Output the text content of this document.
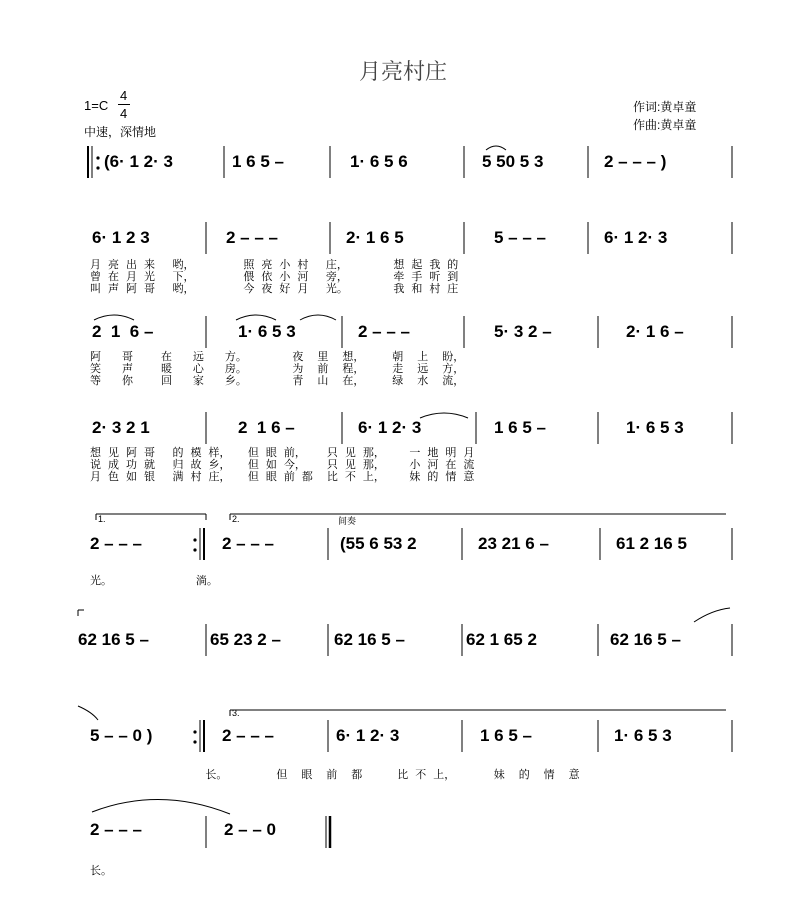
月亮村庄
1=C
4
4
中速，深情地
作词:黄卓童
作曲:黄卓童
(6· 1 2· 3	1 6 5 –	1· 6 5 6	5 50 5 3	2 – – – )
6· 1 2 3	2 – – –	2· 1 6 5	5 – – –	6· 1 2· 3
月  亮  出  来     哟，              照  亮  小  村     庄，             想  起  我  的
曾  在  月  光     下，              偎  依  小  河     旁，             牵  手  听  到
叫  声  阿  哥     哟，              今  夜  好  月     光。             我  和  村  庄
2  1  6 –	1· 6 5 3	2 – – –	5· 3 2 –	2· 1 6 –
阿      哥        在      远      方。             夜    里    想，        朝    上    盼，
笑      声        暖      心      房。             为    前    程，        走    远    方，
等      你        回      家      乡。             青    山    在，        绿    水    流，
2· 3 2 1	2  1 6 –	6· 1 2· 3	1 6 5 –	1· 6 5 3
想  见  阿  哥     的  模  样，     但  眼  前，      只  见  那，       一  地  明  月
说  成  功  就     归  故  乡，     但  如  今，      只  见  那，       小  河  在  流
月  色  如  银     满  村  庄，     但  眼  前  都    比  不  上，       妹  的  情  意
1.	2.	间奏
2 – – –	2 – – –	(55 6 53 2	23 21 6 –	61 2 16 5
光。                        淌。
62 16 5 –	65 23 2 –	62 16 5 –	62 1 65 2	62 16 5 –
3.
5 – – 0 )	2 – – –	6· 1 2· 3	1 6 5 –	1· 6 5 3
长。              但    眼    前    都          比  不  上，           妹    的    情    意
2 – – –	2 – – 0
长。
